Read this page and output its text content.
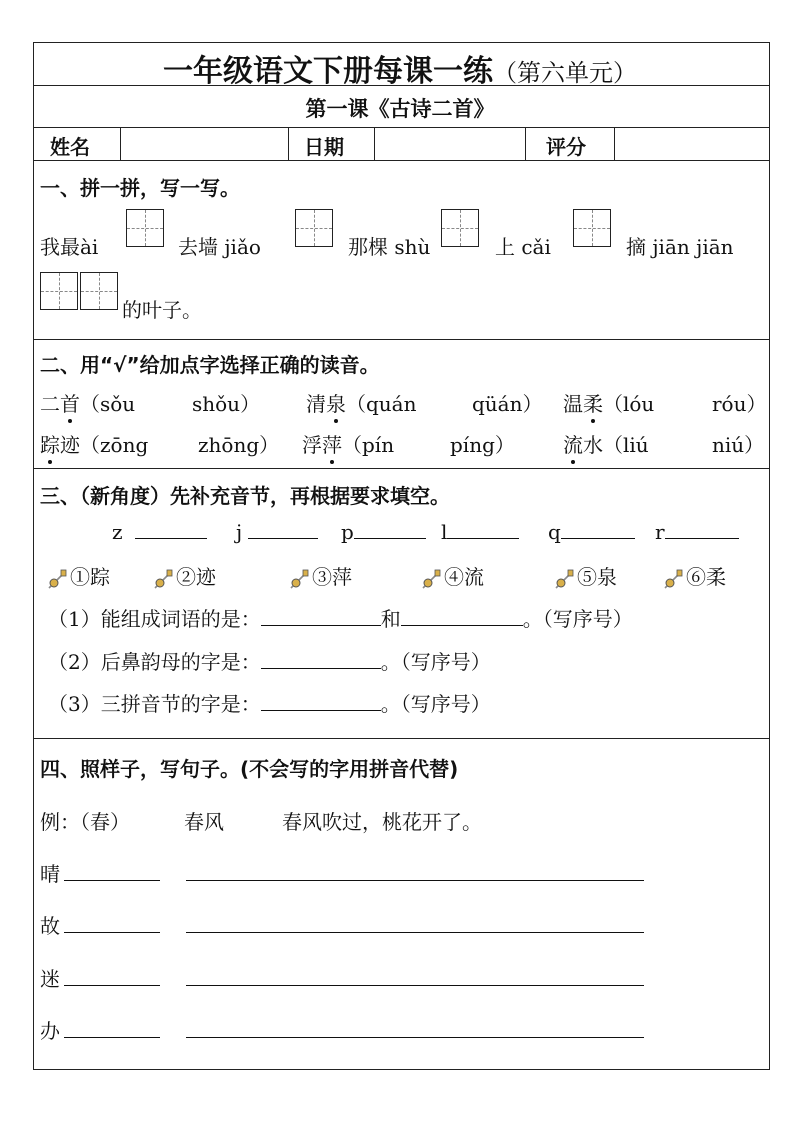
一年级语文下册每课一练（第六单元）
第一课《古诗二首》
姓名	日期	评分
一、拼一拼，写一写。
我最ài	去墙 jiǎo	那棵 shù	上 cǎi	摘 jiān jiān
的叶子。
二、用“√”给加点字选择正确的读音。
二首（sǒu	shǒu） 清泉（quán	qüán） 温柔（lóu	róu）
踪迹（zōng zhōng） 浮萍（pín	píng） 流水（liú	niú）
三、（新角度）先补充音节，再根据要求填空。
z	j	p	l	q	r
①踪	②迹	③萍	④流	⑤泉	⑥柔
（1）能组成词语的是：	和	。（写序号）
（2）后鼻韵母的字是：	。（写序号）
（3）三拼音节的字是：	。（写序号）
四、照样子，写句子。(不会写的字用拼音代替)
例：（春）	春风	春风吹过，桃花开了。
晴
故
迷
办
